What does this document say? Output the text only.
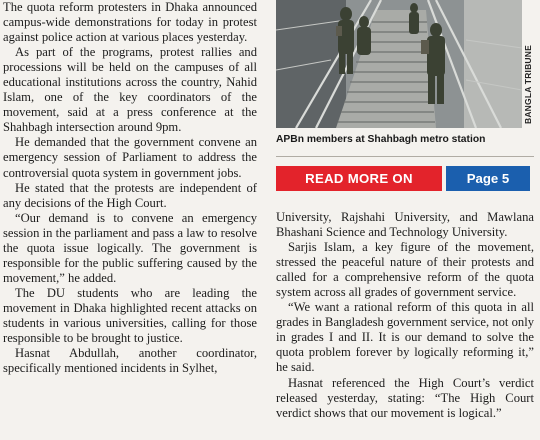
The quota reform protesters in Dhaka announced campus-wide demonstrations for today in protest against police action at various places yesterday.

As part of the programs, protest rallies and processions will be held on the campuses of all educational institutions across the country, Nahid Islam, one of the key coordinators of the movement, said at a press conference at the Shahbagh intersection around 9pm.

He demanded that the government convene an emergency session of Parliament to address the controversial quota system in government jobs.

He stated that the protests are independent of any decisions of the High Court.

“Our demand is to convene an emergency session in the parliament and pass a law to resolve the quota issue logically. The government is responsible for the public suffering caused by the movement,” he added.

The DU students who are leading the movement in Dhaka highlighted recent attacks on students in various universities, calling for those responsible to be brought to justice.

Hasnat Abdullah, another coordinator, specifically mentioned incidents in Sylhet,

BANGLA TRIBUNE
APBn members at Shahbagh metro station
READ MORE ON	Page 5

University, Rajshahi University, and Mawlana Bhashani Science and Technology University.

Sarjis Islam, a key figure of the movement, stressed the peaceful nature of their protests and called for a comprehensive reform of the quota system across all grades of government service.

“We want a rational reform of this quota in all grades in Bangladesh government service, not only in grades I and II. It is our demand to solve the quota problem forever by logically reforming it,” he said.

Hasnat referenced the High Court’s verdict released yesterday, stating: “The High Court verdict shows that our movement is logical.”
